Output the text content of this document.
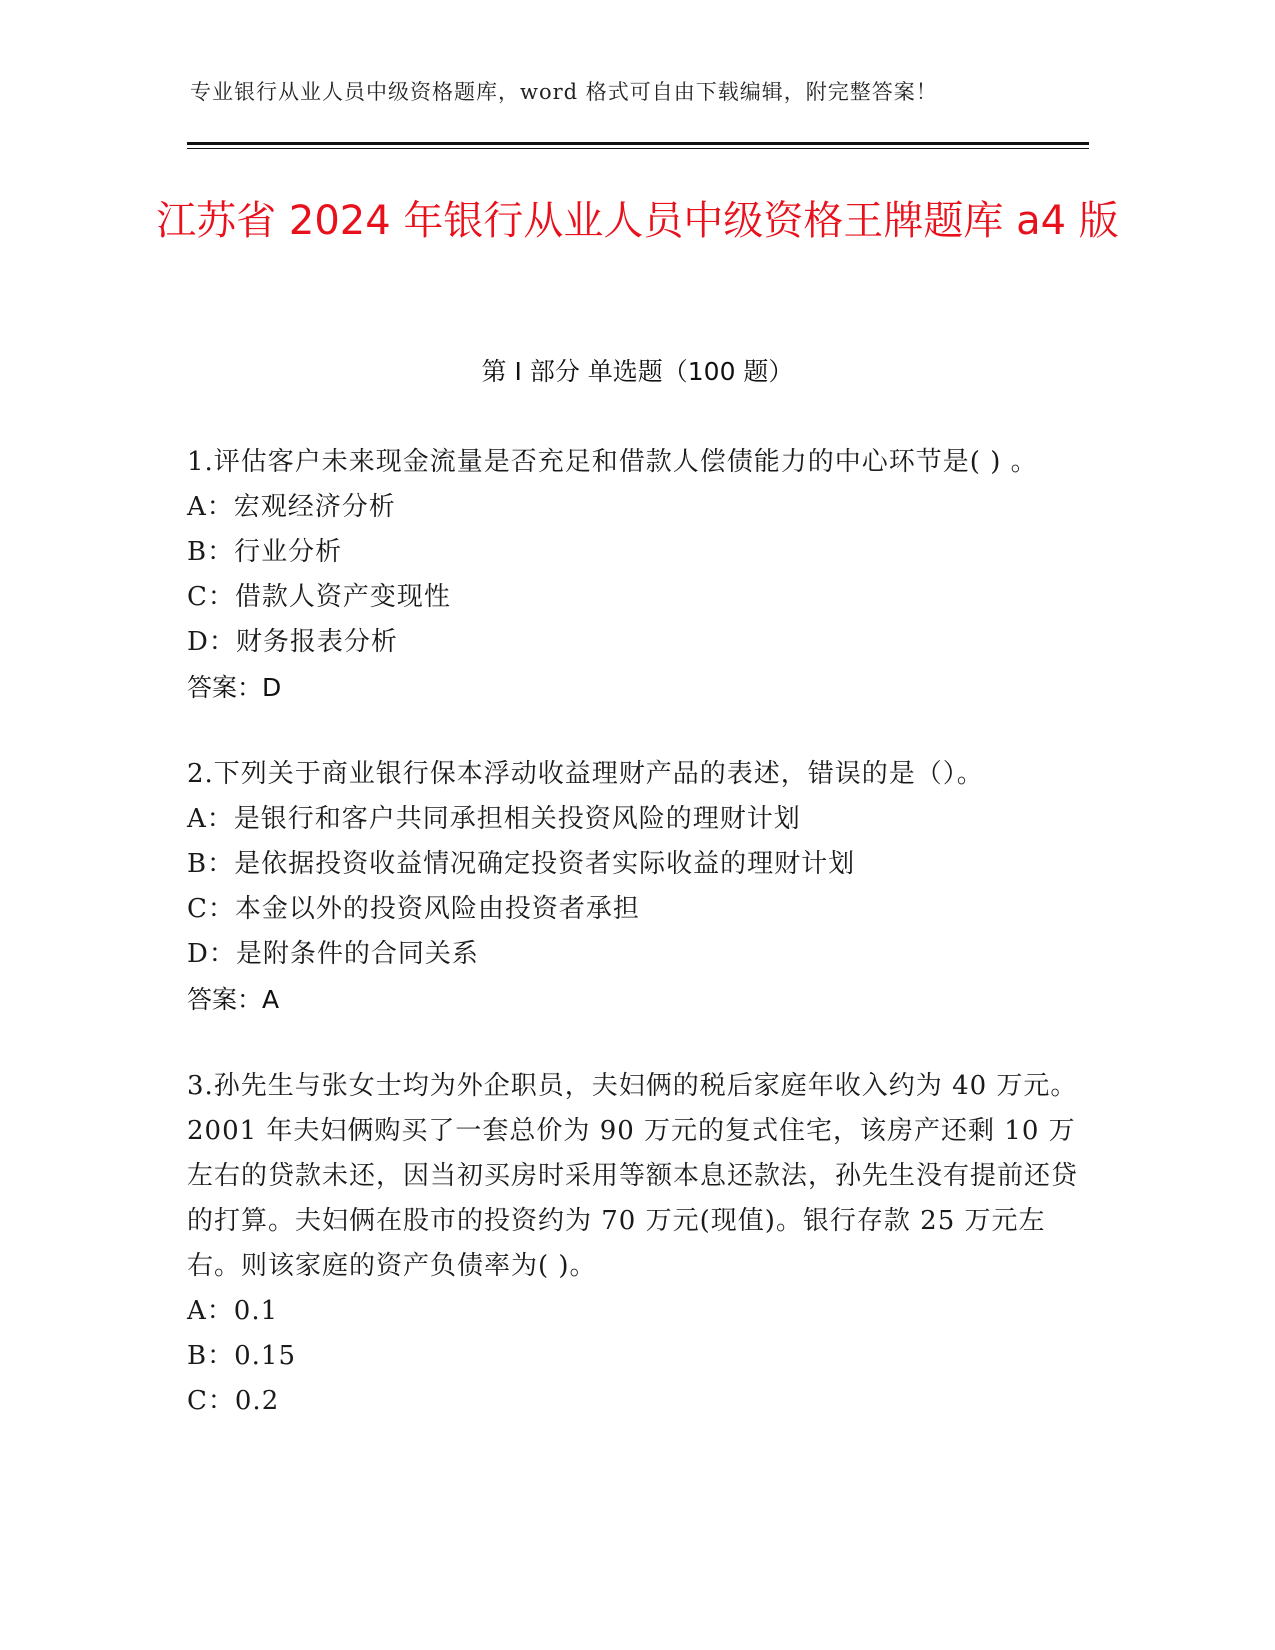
专业银行从业人员中级资格题库，word 格式可自由下载编辑，附完整答案！
江苏省 2024 年银行从业人员中级资格王牌题库 a4 版
第 I 部分 单选题（100 题）

1.评估客户未来现金流量是否充足和借款人偿债能力的中心环节是( ) 。

A：宏观经济分析

B：行业分析

C：借款人资产变现性

D：财务报表分析

答案：D

2.下列关于商业银行保本浮动收益理财产品的表述，错误的是（）。

A：是银行和客户共同承担相关投资风险的理财计划

B：是依据投资收益情况确定投资者实际收益的理财计划

C：本金以外的投资风险由投资者承担

D：是附条件的合同关系

答案：A

3.孙先生与张女士均为外企职员，夫妇俩的税后家庭年收入约为 40 万元。2001 年夫妇俩购买了一套总价为 90 万元的复式住宅，该房产还剩 10 万左右的贷款未还，因当初买房时采用等额本息还款法，孙先生没有提前还贷的打算。夫妇俩在股市的投资约为 70 万元(现值)。银行存款 25 万元左右。则该家庭的资产负债率为( )。

A：0.1

B：0.15

C：0.2
